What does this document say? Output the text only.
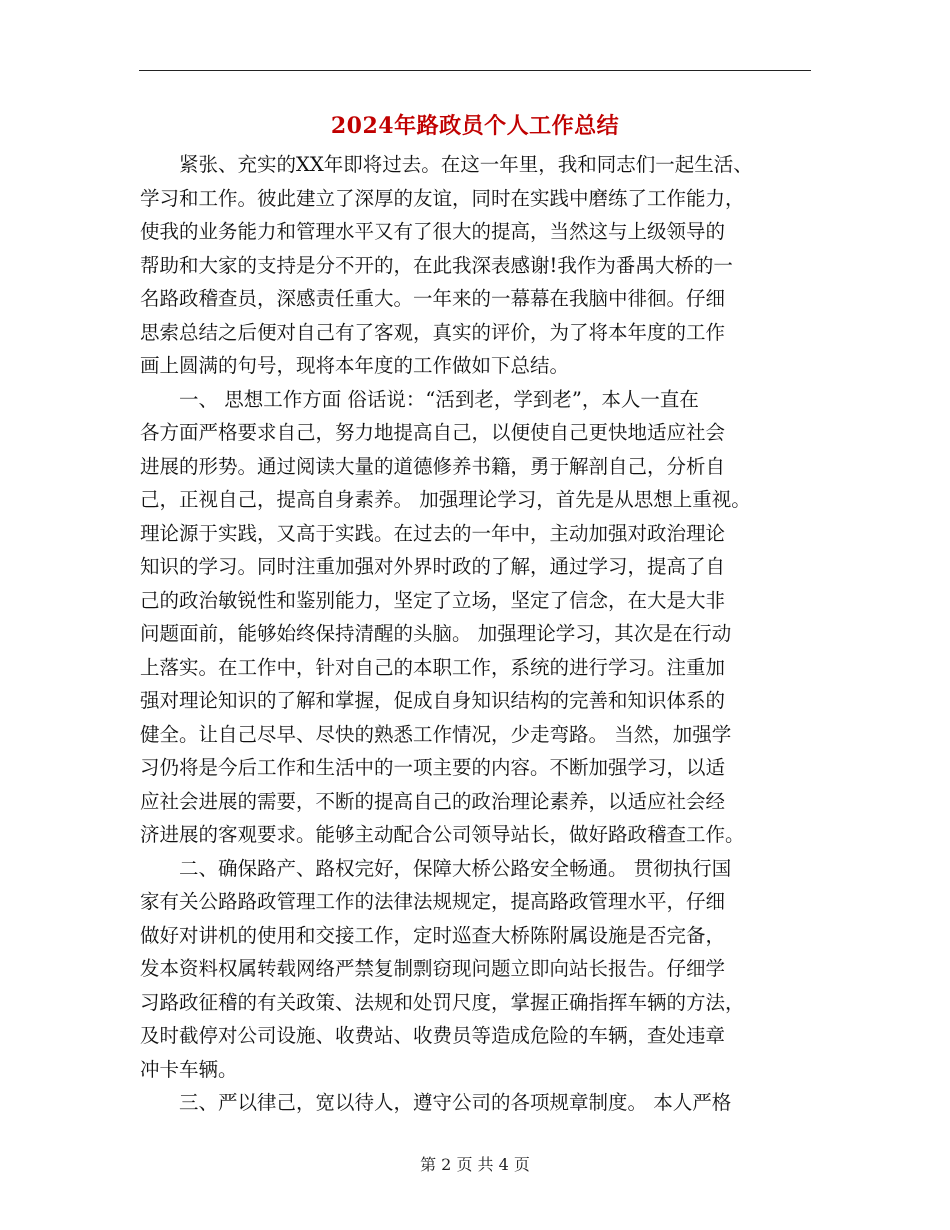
2024年路政员个人工作总结
　　紧张、充实的XX年即将过去。在这一年里，我和同志们一起生活、
学习和工作。彼此建立了深厚的友谊，同时在实践中磨练了工作能力，
使我的业务能力和管理水平又有了很大的提高，当然这与上级领导的
帮助和大家的支持是分不开的，在此我深表感谢!我作为番禺大桥的一
名路政稽查员，深感责任重大。一年来的一幕幕在我脑中徘徊。仔细
思索总结之后便对自己有了客观，真实的评价，为了将本年度的工作
画上圆满的句号，现将本年度的工作做如下总结。
　　一、 思想工作方面 俗话说：“活到老，学到老”，本人一直在
各方面严格要求自己，努力地提高自己，以便使自己更快地适应社会
进展的形势。通过阅读大量的道德修养书籍，勇于解剖自己，分析自
己，正视自己，提高自身素养。 加强理论学习，首先是从思想上重视。
理论源于实践，又高于实践。在过去的一年中，主动加强对政治理论
知识的学习。同时注重加强对外界时政的了解，通过学习，提高了自
己的政治敏锐性和鉴别能力，坚定了立场，坚定了信念，在大是大非
问题面前，能够始终保持清醒的头脑。 加强理论学习，其次是在行动
上落实。在工作中，针对自己的本职工作，系统的进行学习。注重加
强对理论知识的了解和掌握，促成自身知识结构的完善和知识体系的
健全。让自己尽早、尽快的熟悉工作情况，少走弯路。 当然，加强学
习仍将是今后工作和生活中的一项主要的内容。不断加强学习，以适
应社会进展的需要，不断的提高自己的政治理论素养，以适应社会经
济进展的客观要求。能够主动配合公司领导站长，做好路政稽查工作。
　　二、确保路产、路权完好，保障大桥公路安全畅通。 贯彻执行国
家有关公路路政管理工作的法律法规规定，提高路政管理水平，仔细
做好对讲机的使用和交接工作，定时巡查大桥陈附属设施是否完备，
发本资料权属转载网络严禁复制剽窃现问题立即向站长报告。仔细学
习路政征稽的有关政策、法规和处罚尺度，掌握正确指挥车辆的方法，
及时截停对公司设施、收费站、收费员等造成危险的车辆，查处违章
冲卡车辆。
　　三、严以律己，宽以待人，遵守公司的各项规章制度。 本人严格
第 2 页 共 4 页
